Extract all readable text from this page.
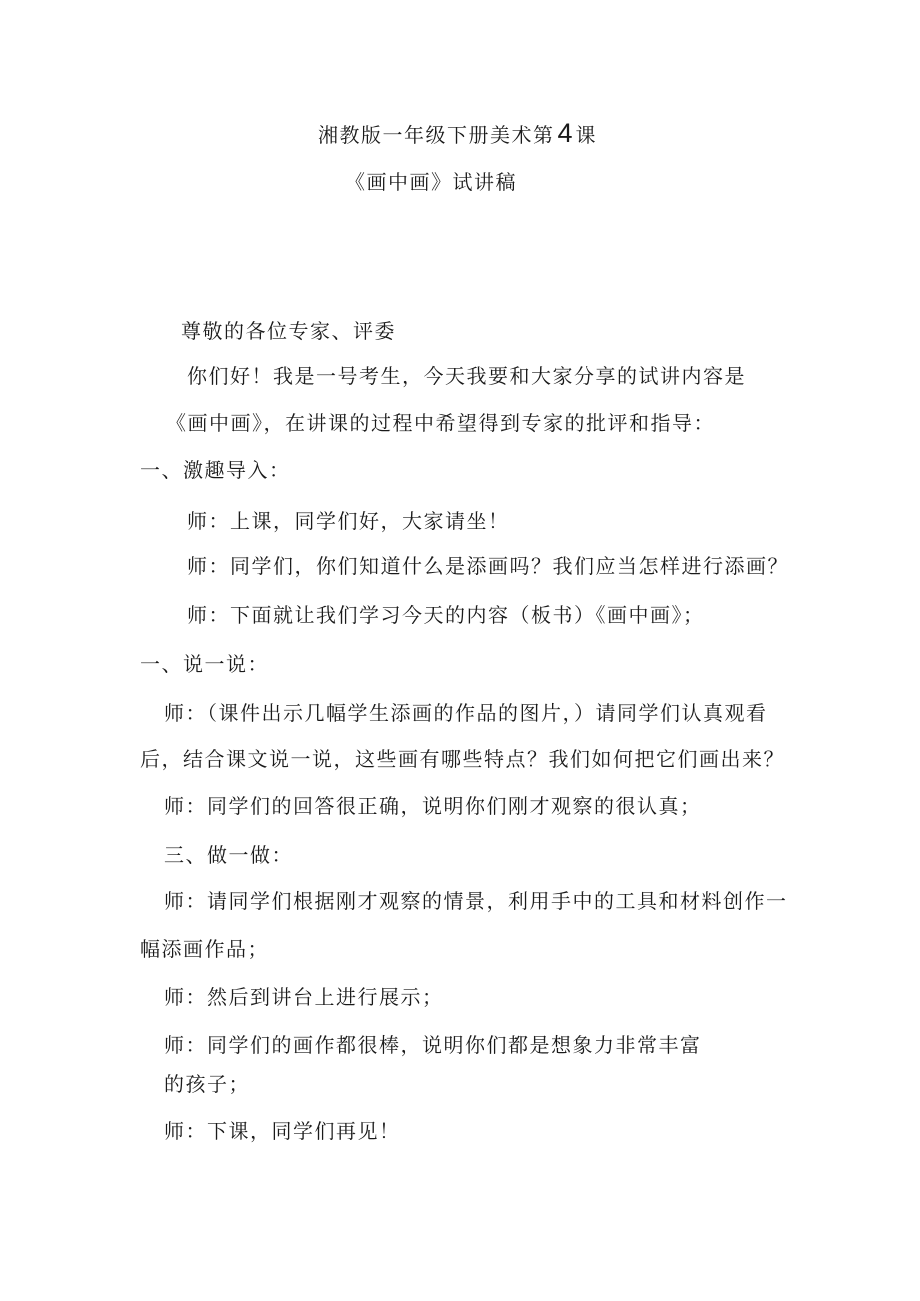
湘教版一年级下册美术第 4 课
《画中画》试讲稿
尊敬的各位专家、评委
你们好！我是一号考生，今天我要和大家分享的试讲内容是
《画中画》，在讲课的过程中希望得到专家的批评和指导：
一、激趣导入：
师：上课，同学们好，大家请坐！
师：同学们，你们知道什么是添画吗？我们应当怎样进行添画？
师：下面就让我们学习今天的内容（板书）《画中画》；
一、说一说：
师：（课件出示几幅学生添画的作品的图片，）请同学们认真观看
后，结合课文说一说，这些画有哪些特点？我们如何把它们画出来？
师：同学们的回答很正确，说明你们刚才观察的很认真；
三、做一做：
师：请同学们根据刚才观察的情景，利用手中的工具和材料创作一
幅添画作品；
师：然后到讲台上进行展示；
师：同学们的画作都很棒，说明你们都是想象力非常丰富
的孩子；
师：下课，同学们再见！
